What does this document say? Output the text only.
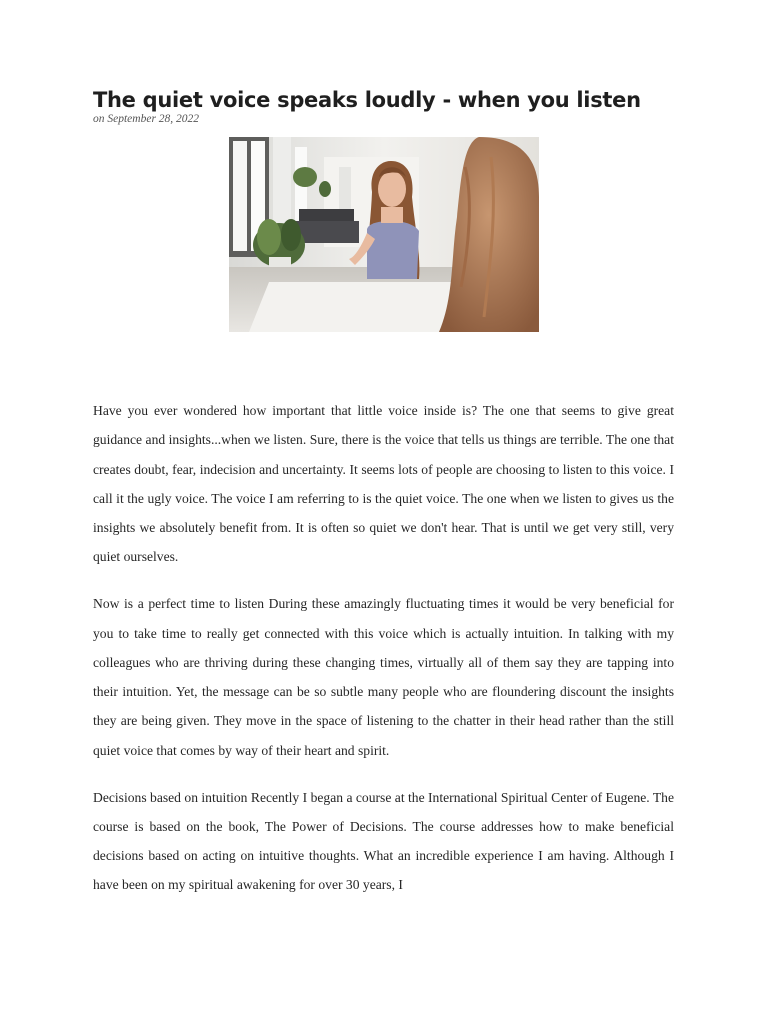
The quiet voice speaks loudly - when you listen
on September 28, 2022

Have you ever wondered how important that little voice inside is? The one that seems to give great guidance and insights...when we listen. Sure, there is the voice that tells us things are terrible. The one that creates doubt, fear, indecision and uncertainty. It seems lots of people are choosing to listen to this voice. I call it the ugly voice. The voice I am referring to is the quiet voice. The one when we listen to gives us the insights we absolutely benefit from. It is often so quiet we don't hear. That is until we get very still, very quiet ourselves.

Now is a perfect time to listen During these amazingly fluctuating times it would be very beneficial for you to take time to really get connected with this voice which is actually intuition. In talking with my colleagues who are thriving during these changing times, virtually all of them say they are tapping into their intuition. Yet, the message can be so subtle many people who are floundering discount the insights they are being given. They move in the space of listening to the chatter in their head rather than the still quiet voice that comes by way of their heart and spirit.

Decisions based on intuition Recently I began a course at the International Spiritual Center of Eugene. The course is based on the book, The Power of Decisions. The course addresses how to make beneficial decisions based on acting on intuitive thoughts. What an incredible experience I am having. Although I have been on my spiritual awakening for over 30 years, I
